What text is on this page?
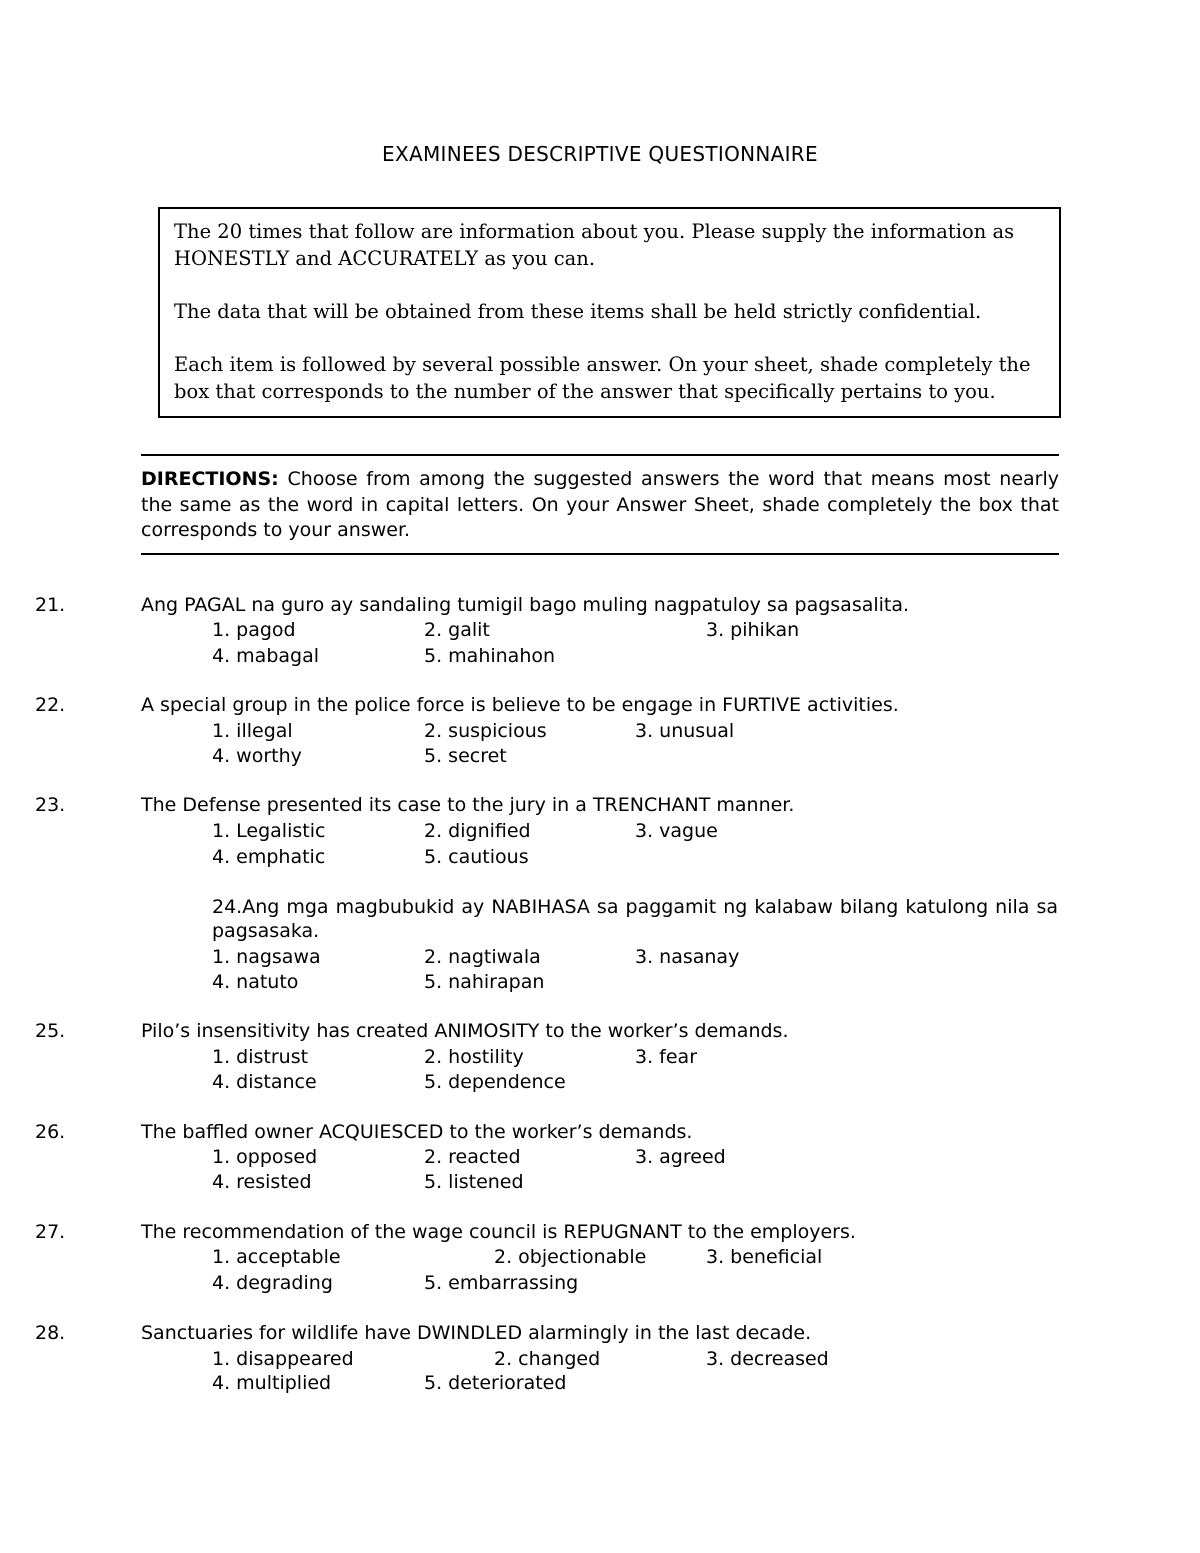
EXAMINEES DESCRIPTIVE QUESTIONNAIRE

The 20 times that follow are information about you. Please supply the information as HONESTLY and ACCURATELY as you can.

The data that will be obtained from these items shall be held strictly confidential.

Each item is followed by several possible answer. On your sheet, shade completely the box that corresponds to the number of the answer that specifically pertains to you.

DIRECTIONS: Choose from among the suggested answers the word that means most nearly the same as the word in capital letters. On your Answer Sheet, shade completely the box that corresponds to your answer.
21.	Ang PAGAL na guro ay sandaling tumigil bago muling nagpatuloy sa pagsasalita.
1. pagod	2. galit	3. pihikan
4. mabagal	5. mahinahon
22.	A special group in the police force is believe to be engage in FURTIVE activities.
1. illegal	2. suspicious	3. unusual
4. worthy	5. secret
23.	The Defense presented its case to the jury in a TRENCHANT manner.
1. Legalistic	2. dignified	3. vague
4. emphatic	5. cautious
24.Ang mga magbubukid ay NABIHASA sa paggamit ng kalabaw bilang katulong nila sa pagsasaka.
1. nagsawa	2. nagtiwala	3. nasanay
4. natuto	5. nahirapan
25.	Pilo’s insensitivity has created ANIMOSITY to the worker’s demands.
1. distrust	2. hostility	3. fear
4. distance	5. dependence
26.	The baffled owner ACQUIESCED to the worker’s demands.
1. opposed	2. reacted	3. agreed
4. resisted	5. listened
27.	The recommendation of the wage council is REPUGNANT to the employers.
1. acceptable	2. objectionable	3. beneficial
4. degrading	5. embarrassing
28.	Sanctuaries for wildlife have DWINDLED alarmingly in the last decade.
1. disappeared	2. changed	3. decreased
4. multiplied	5. deteriorated
